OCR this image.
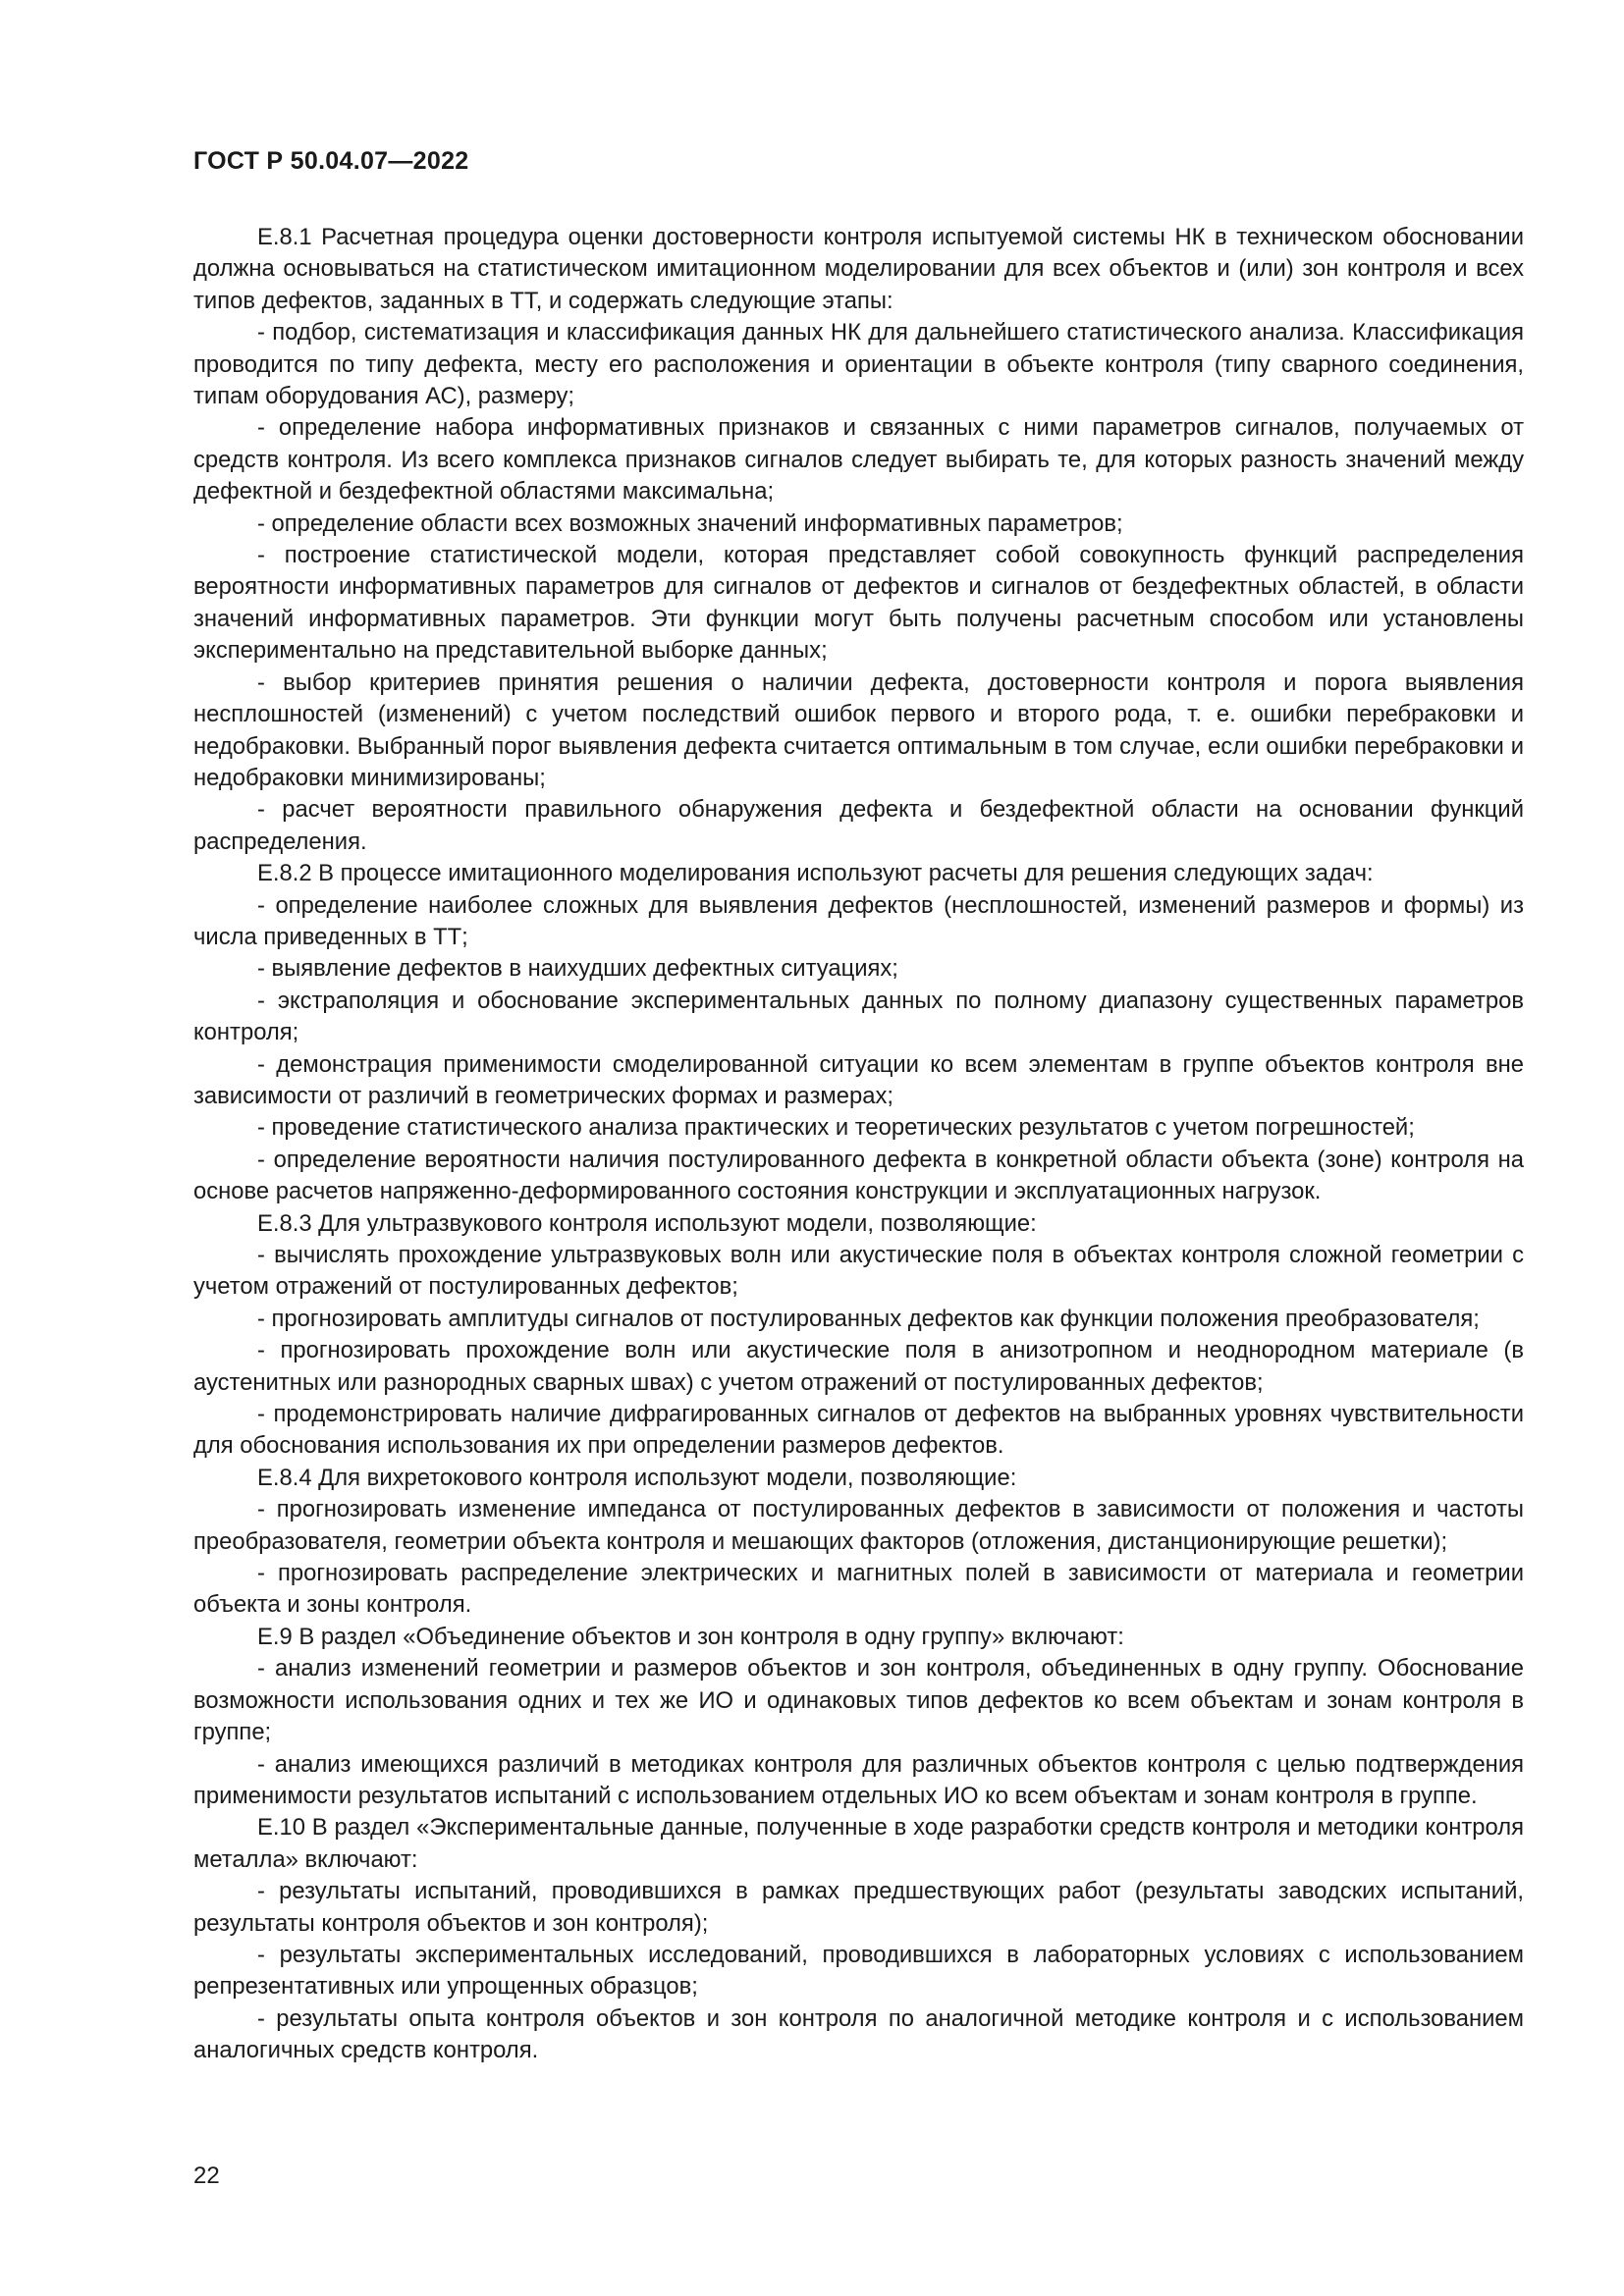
ГОСТ Р 50.04.07—2022

Е.8.1 Расчетная процедура оценки достоверности контроля испытуемой системы НК в техническом обосновании должна основываться на статистическом имитационном моделировании для всех объектов и (или) зон контроля и всех типов дефектов, заданных в ТТ, и содержать следующие этапы:

- подбор, систематизация и классификация данных НК для дальнейшего статистического анализа. Классификация проводится по типу дефекта, месту его расположения и ориентации в объекте контроля (типу сварного соединения, типам оборудования АС), размеру;

- определение набора информативных признаков и связанных с ними параметров сигналов, получаемых от средств контроля. Из всего комплекса признаков сигналов следует выбирать те, для которых разность значений между дефектной и бездефектной областями максимальна;

- определение области всех возможных значений информативных параметров;

- построение статистической модели, которая представляет собой совокупность функций распределения вероятности информативных параметров для сигналов от дефектов и сигналов от бездефектных областей, в области значений информативных параметров. Эти функции могут быть получены расчетным способом или установлены экспериментально на представительной выборке данных;

- выбор критериев принятия решения о наличии дефекта, достоверности контроля и порога выявления несплошностей (изменений) с учетом последствий ошибок первого и второго рода, т. е. ошибки перебраковки и недобраковки. Выбранный порог выявления дефекта считается оптимальным в том случае, если ошибки перебраковки и недобраковки минимизированы;

- расчет вероятности правильного обнаружения дефекта и бездефектной области на основании функций распределения.

Е.8.2 В процессе имитационного моделирования используют расчеты для решения следующих задач:

- определение наиболее сложных для выявления дефектов (несплошностей, изменений размеров и формы) из числа приведенных в ТТ;

- выявление дефектов в наихудших дефектных ситуациях;

- экстраполяция и обоснование экспериментальных данных по полному диапазону существенных параметров контроля;

- демонстрация применимости смоделированной ситуации ко всем элементам в группе объектов контроля вне зависимости от различий в геометрических формах и размерах;

- проведение статистического анализа практических и теоретических результатов с учетом погрешностей;

- определение вероятности наличия постулированного дефекта в конкретной области объекта (зоне) контроля на основе расчетов напряженно-деформированного состояния конструкции и эксплуатационных нагрузок.

Е.8.3 Для ультразвукового контроля используют модели, позволяющие:

- вычислять прохождение ультразвуковых волн или акустические поля в объектах контроля сложной геометрии с учетом отражений от постулированных дефектов;

- прогнозировать амплитуды сигналов от постулированных дефектов как функции положения преобразователя;

- прогнозировать прохождение волн или акустические поля в анизотропном и неоднородном материале (в аустенитных или разнородных сварных швах) с учетом отражений от постулированных дефектов;

- продемонстрировать наличие дифрагированных сигналов от дефектов на выбранных уровнях чувствительности для обоснования использования их при определении размеров дефектов.

Е.8.4 Для вихретокового контроля используют модели, позволяющие:

- прогнозировать изменение импеданса от постулированных дефектов в зависимости от положения и частоты преобразователя, геометрии объекта контроля и мешающих факторов (отложения, дистанционирующие решетки);

- прогнозировать распределение электрических и магнитных полей в зависимости от материала и геометрии объекта и зоны контроля.

Е.9 В раздел «Объединение объектов и зон контроля в одну группу» включают:

- анализ изменений геометрии и размеров объектов и зон контроля, объединенных в одну группу. Обоснование возможности использования одних и тех же ИО и одинаковых типов дефектов ко всем объектам и зонам контроля в группе;

- анализ имеющихся различий в методиках контроля для различных объектов контроля с целью подтверждения применимости результатов испытаний с использованием отдельных ИО ко всем объектам и зонам контроля в группе.

Е.10 В раздел «Экспериментальные данные, полученные в ходе разработки средств контроля и методики контроля металла» включают:

- результаты испытаний, проводившихся в рамках предшествующих работ (результаты заводских испытаний, результаты контроля объектов и зон контроля);

- результаты экспериментальных исследований, проводившихся в лабораторных условиях с использованием репрезентативных или упрощенных образцов;

- результаты опыта контроля объектов и зон контроля по аналогичной методике контроля и с использованием аналогичных средств контроля.

22
